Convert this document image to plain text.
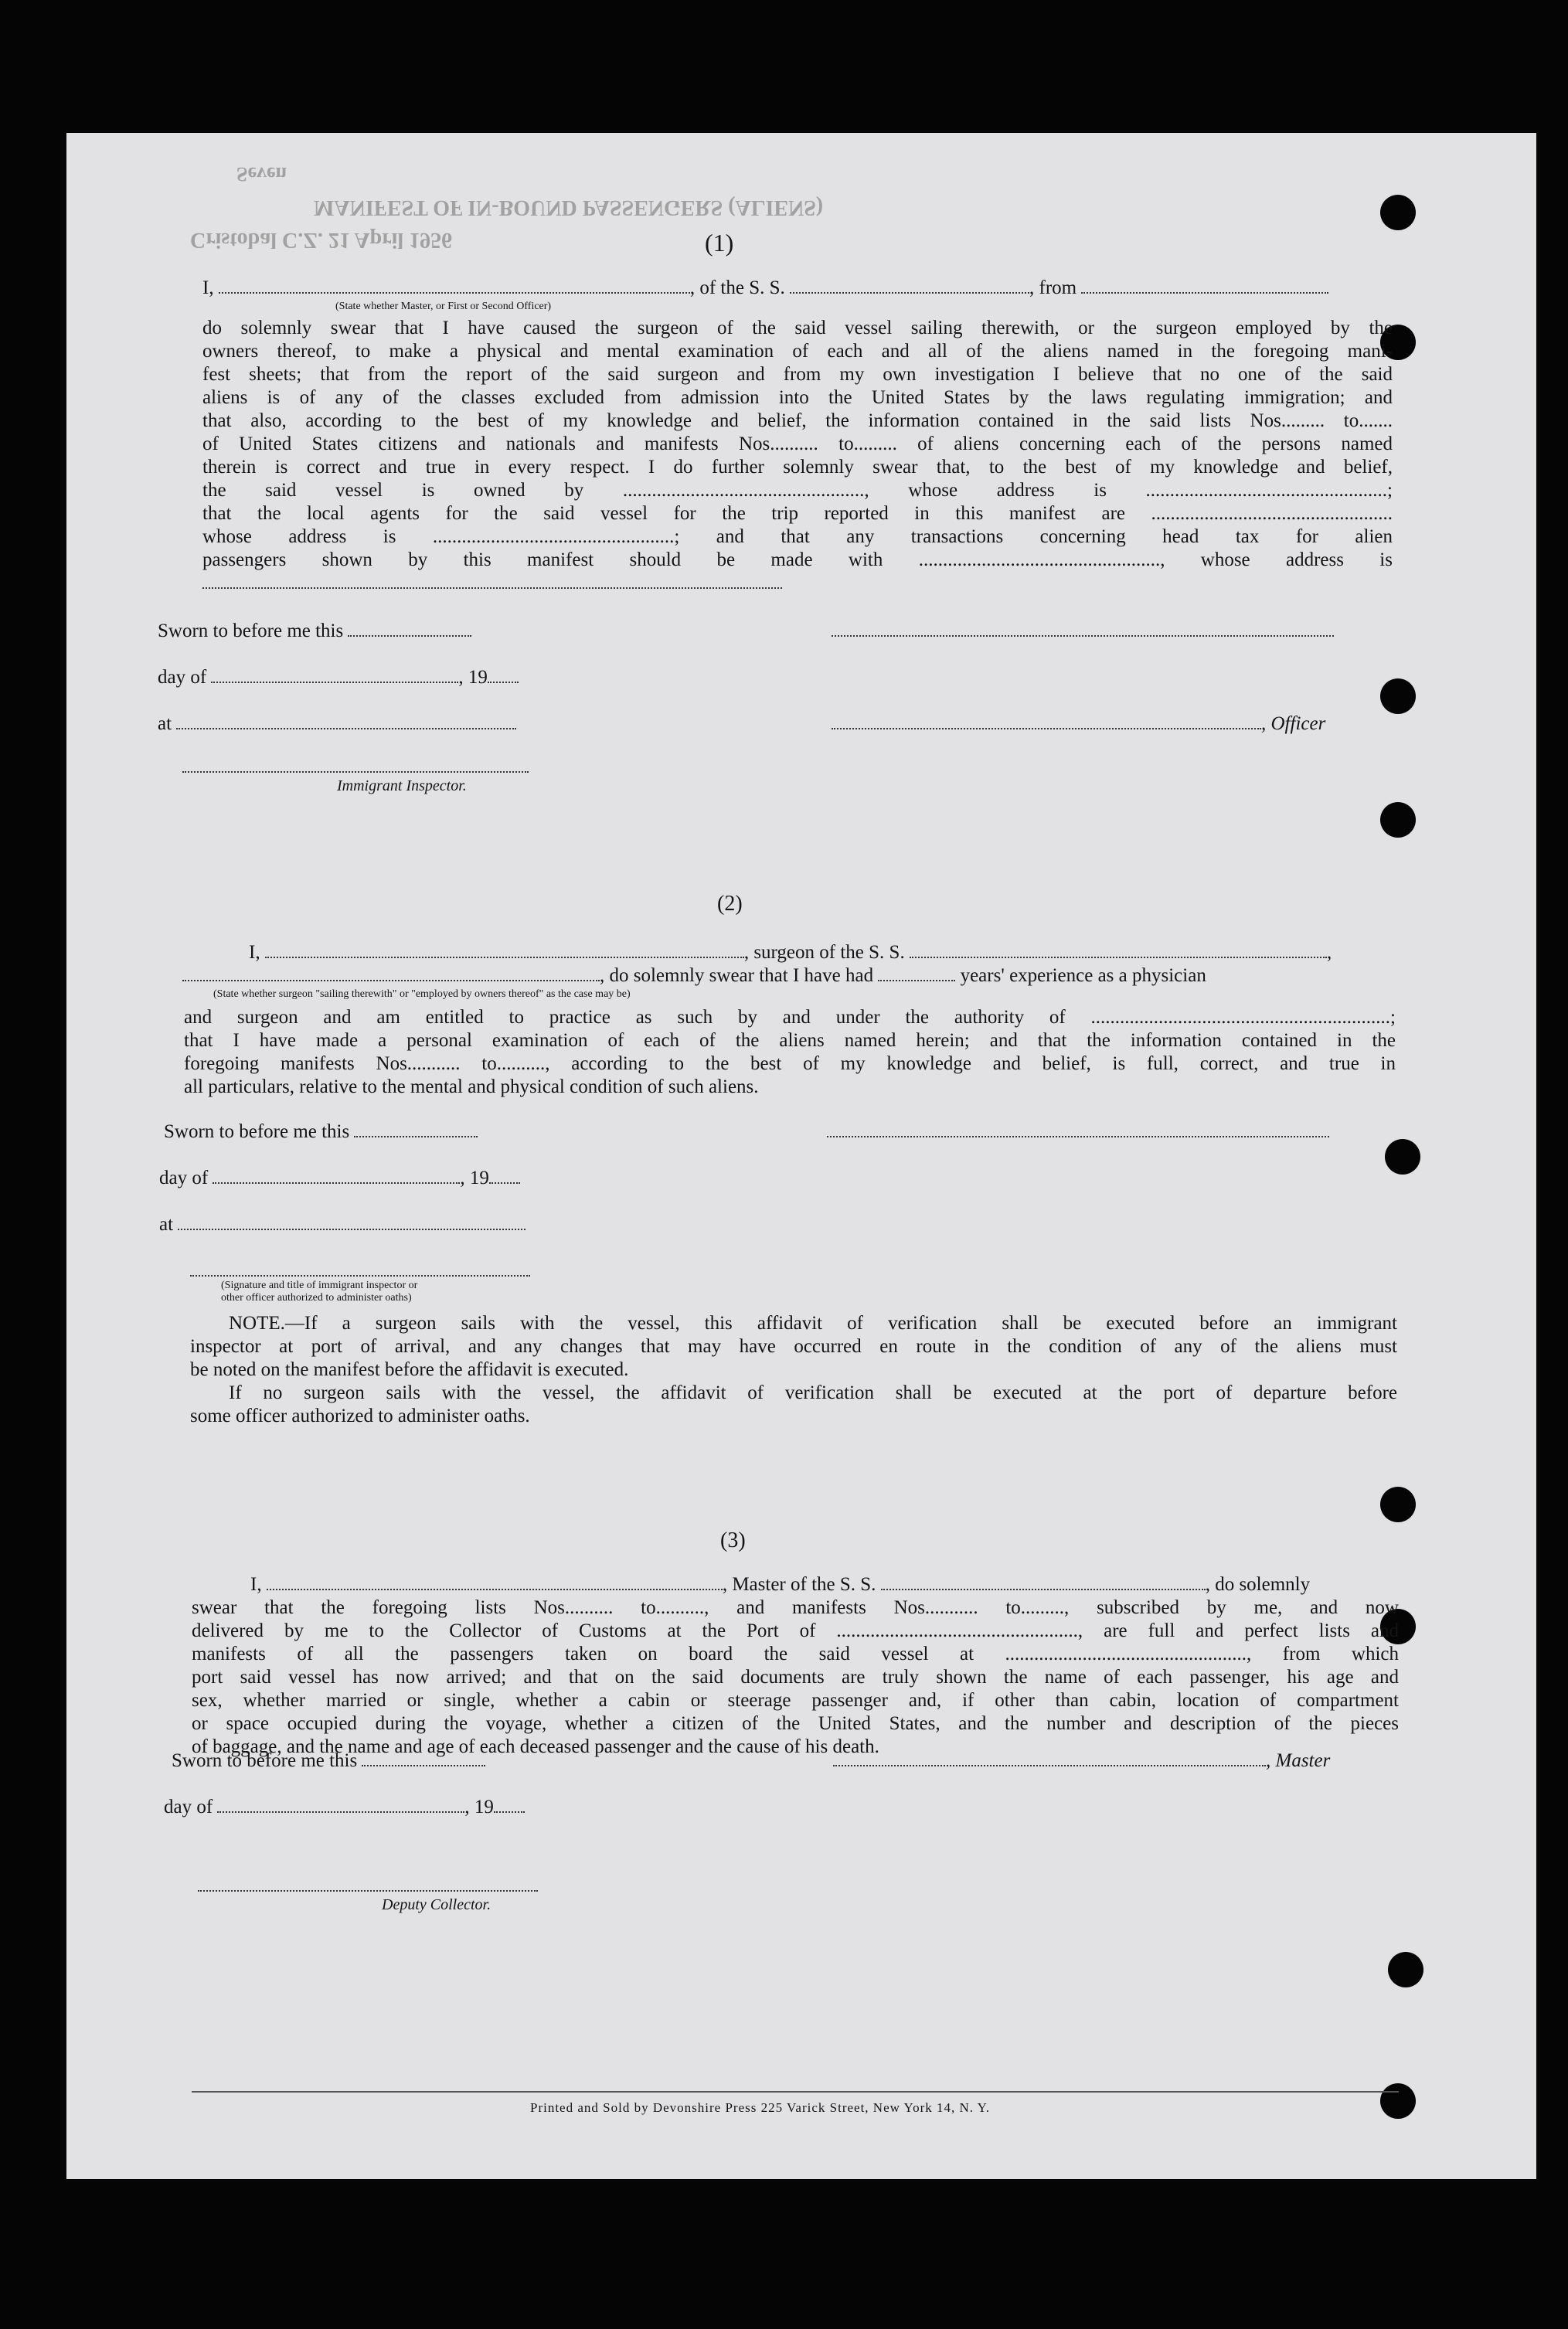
Seven
MANIFEST OF IN-BOUND PASSENGERS (ALIENS)
Cristobal C.Z. 21 April 1956	(1)
I,	, of the S. S.	, from
(State whether Master, or First or Second Officer)
do solemnly swear that I have caused the surgeon of the said vessel sailing therewith, or the surgeon employed by the
owners thereof, to make a physical and mental examination of each and all of the aliens named in the foregoing mani-
fest sheets; that from the report of the said surgeon and from my own investigation I believe that no one of the said
aliens is of any of the classes excluded from admission into the United States by the laws regulating immigration; and
that also, according to the best of my knowledge and belief, the information contained in the said lists Nos......... to.......
of United States citizens and nationals and manifests Nos.......... to......... of aliens concerning each of the persons named
therein is correct and true in every respect. I do further solemnly swear that, to the best of my knowledge and belief,
the said vessel is owned by .................................................., whose address is ..................................................;
that the local agents for the said vessel for the trip reported in this manifest are ..................................................
whose address is ..................................................; and that any transactions concerning head tax for alien
passengers shown by this manifest should be made with .................................................., whose address is
Sworn to before me this
day of	, 19
at	, Officer
Immigrant Inspector.
(2)
I,	, surgeon of the S. S.	,
, do solemnly swear that I have had	years' experience as a physician
(State whether surgeon "sailing therewith" or "employed by owners thereof" as the case may be)
and surgeon and am entitled to practice as such by and under the authority of ..............................................................;
that I have made a personal examination of each of the aliens named herein; and that the information contained in the
foregoing manifests Nos........... to.........., according to the best of my knowledge and belief, is full, correct, and true in
all particulars, relative to the mental and physical condition of such aliens.
Sworn to before me this
day of	, 19
at
(Signature and title of immigrant inspector or
other officer authorized to administer oaths)
NOTE.—If a surgeon sails with the vessel, this affidavit of verification shall be executed before an immigrant
inspector at port of arrival, and any changes that may have occurred en route in the condition of any of the aliens must
be noted on the manifest before the affidavit is executed.
If no surgeon sails with the vessel, the affidavit of verification shall be executed at the port of departure before
some officer authorized to administer oaths.
(3)
I,	, Master of the S. S.	, do solemnly
swear that the foregoing lists Nos.......... to.........., and manifests Nos........... to........., subscribed by me, and now
delivered by me to the Collector of Customs at the Port of .................................................., are full and perfect lists and
manifests of all the passengers taken on board the said vessel at .................................................., from which
port said vessel has now arrived; and that on the said documents are truly shown the name of each passenger, his age and
sex, whether married or single, whether a cabin or steerage passenger and, if other than cabin, location of compartment
or space occupied during the voyage, whether a citizen of the United States, and the number and description of the pieces
of baggage, and the name and age of each deceased passenger and the cause of his death.
Sworn to before me this
day of	, 19
, Master
Deputy Collector.
Printed and Sold by Devonshire Press 225 Varick Street, New York 14, N. Y.
